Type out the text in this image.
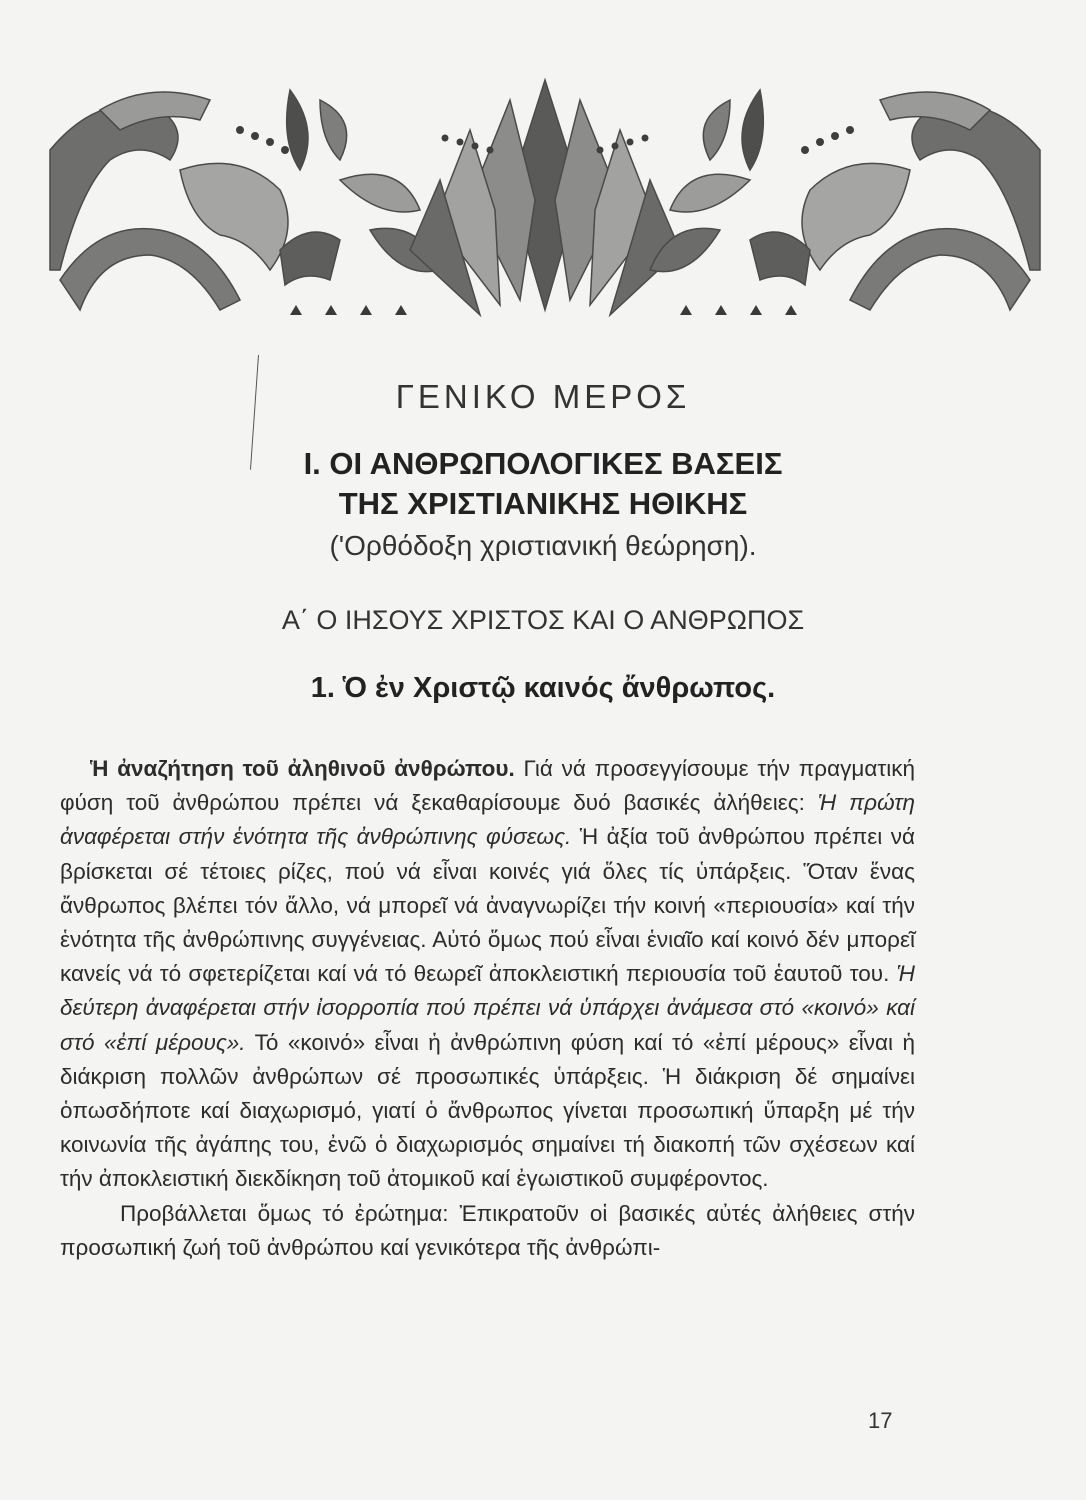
ΓΕΝΙΚΟ ΜΕΡΟΣ
Ι. ΟΙ ΑΝΘΡΩΠΟΛΟΓΙΚΕΣ ΒΑΣΕΙΣ
ΤΗΣ ΧΡΙΣΤΙΑΝΙΚΗΣ ΗΘΙΚΗΣ
('Ορθόδοξη χριστιανική θεώρηση).
Α΄ Ο ΙΗΣΟΥΣ ΧΡΙΣΤΟΣ ΚΑΙ Ο ΑΝΘΡΩΠΟΣ
1. Ὁ ἐν Χριστῷ καινός ἄνθρωπος.

Ἡ ἀναζήτηση τοῦ ἀληθινοῦ ἀνθρώπου. Γιά νά προσεγγίσουμε τήν πραγματική φύση τοῦ ἀνθρώπου πρέπει νά ξεκαθαρίσουμε δυό βασικές ἀλήθειες: Ἡ πρώτη ἀναφέρεται στήν ἑνότητα τῆς ἀνθρώπινης φύσεως. Ἡ ἀξία τοῦ ἀνθρώπου πρέπει νά βρίσκεται σέ τέτοιες ρίζες, πού νά εἶναι κοινές γιά ὅλες τίς ὑπάρξεις. Ὅταν ἕνας ἄνθρωπος βλέπει τόν ἄλλο, νά μπορεῖ νά ἀναγνωρίζει τήν κοινή «περιουσία» καί τήν ἑνότητα τῆς ἀνθρώπινης συγγένειας. Αὐτό ὅμως πού εἶναι ἑνιαῖο καί κοινό δέν μπορεῖ κανείς νά τό σφετερίζεται καί νά τό θεωρεῖ ἀποκλειστική περιουσία τοῦ ἑαυτοῦ του. Ἡ δεύτερη ἀναφέρεται στήν ἰσορροπία πού πρέπει νά ὑπάρχει ἀνάμεσα στό «κοινό» καί στό «ἐπί μέρους». Τό «κοινό» εἶναι ἡ ἀνθρώπινη φύση καί τό «ἐπί μέρους» εἶναι ἡ διάκριση πολλῶν ἀνθρώπων σέ προσωπικές ὑπάρξεις. Ἡ διάκριση δέ σημαίνει ὁπωσδήποτε καί διαχωρισμό, γιατί ὁ ἄνθρωπος γίνεται προσωπική ὕπαρξη μέ τήν κοινωνία τῆς ἀγάπης του, ἐνῶ ὁ διαχωρισμός σημαίνει τή διακοπή τῶν σχέσεων καί τήν ἀποκλειστική διεκδίκηση τοῦ ἀτομικοῦ καί ἐγωιστικοῦ συμφέροντος.

Προβάλλεται ὅμως τό ἐρώτημα: Ἐπικρατοῦν οἱ βασικές αὐτές ἀλήθειες στήν προσωπική ζωή τοῦ ἀνθρώπου καί γενικότερα τῆς ἀνθρώπι-

17
